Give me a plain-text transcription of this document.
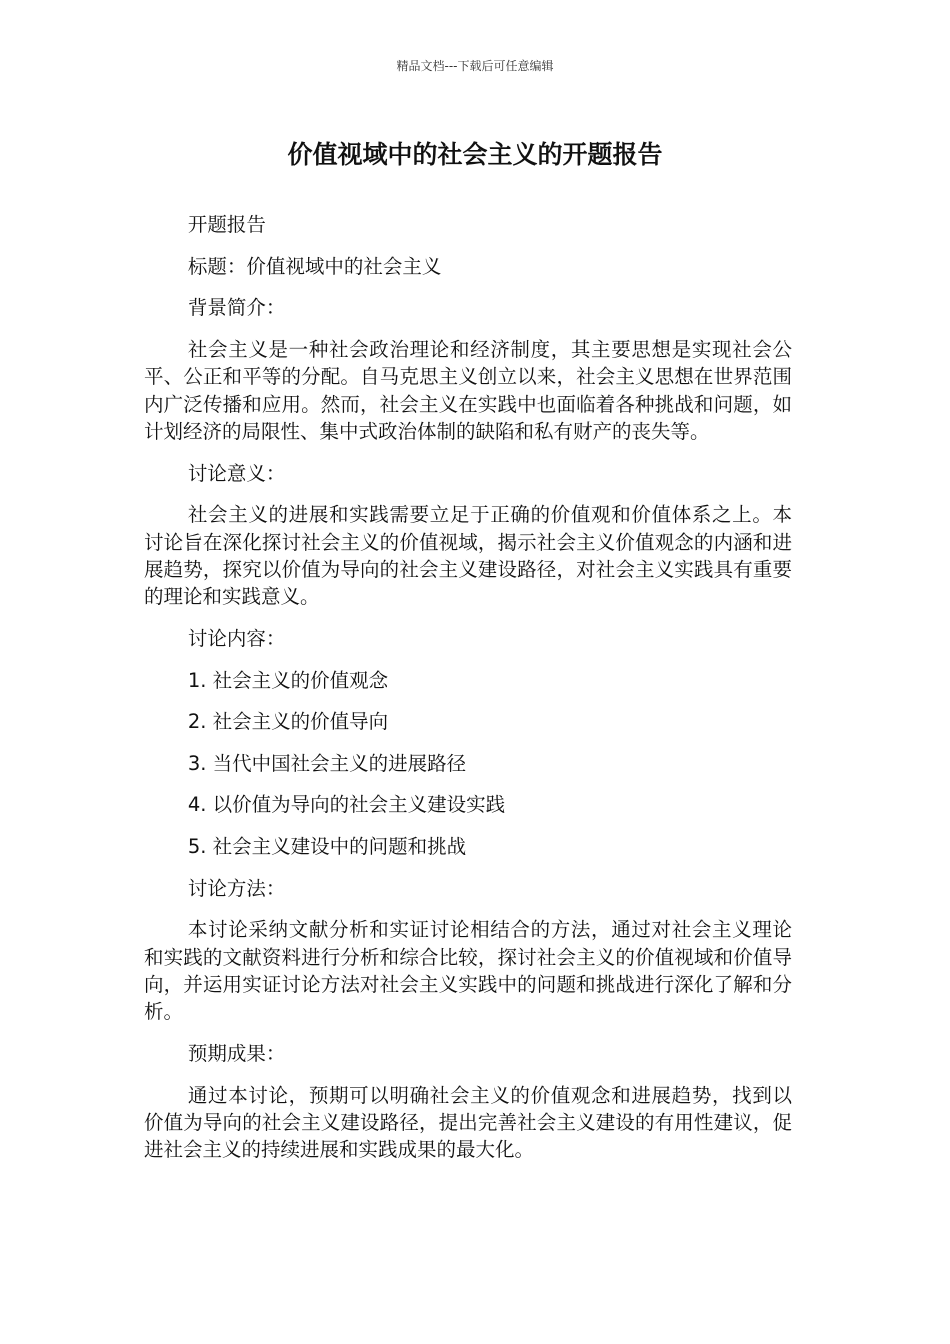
精品文档---下载后可任意编辑
价值视域中的社会主义的开题报告

开题报告

标题：价值视域中的社会主义

背景简介：

社会主义是一种社会政治理论和经济制度，其主要思想是实现社会公平、公正和平等的分配。自马克思主义创立以来，社会主义思想在世界范围内广泛传播和应用。然而，社会主义在实践中也面临着各种挑战和问题，如计划经济的局限性、集中式政治体制的缺陷和私有财产的丧失等。

讨论意义：

社会主义的进展和实践需要立足于正确的价值观和价值体系之上。本讨论旨在深化探讨社会主义的价值视域，揭示社会主义价值观念的内涵和进展趋势，探究以价值为导向的社会主义建设路径，对社会主义实践具有重要的理论和实践意义。

讨论内容：

1. 社会主义的价值观念

2. 社会主义的价值导向

3. 当代中国社会主义的进展路径

4. 以价值为导向的社会主义建设实践

5. 社会主义建设中的问题和挑战

讨论方法：

本讨论采纳文献分析和实证讨论相结合的方法，通过对社会主义理论和实践的文献资料进行分析和综合比较，探讨社会主义的价值视域和价值导向，并运用实证讨论方法对社会主义实践中的问题和挑战进行深化了解和分析。

预期成果：

通过本讨论，预期可以明确社会主义的价值观念和进展趋势，找到以价值为导向的社会主义建设路径，提出完善社会主义建设的有用性建议，促进社会主义的持续进展和实践成果的最大化。
